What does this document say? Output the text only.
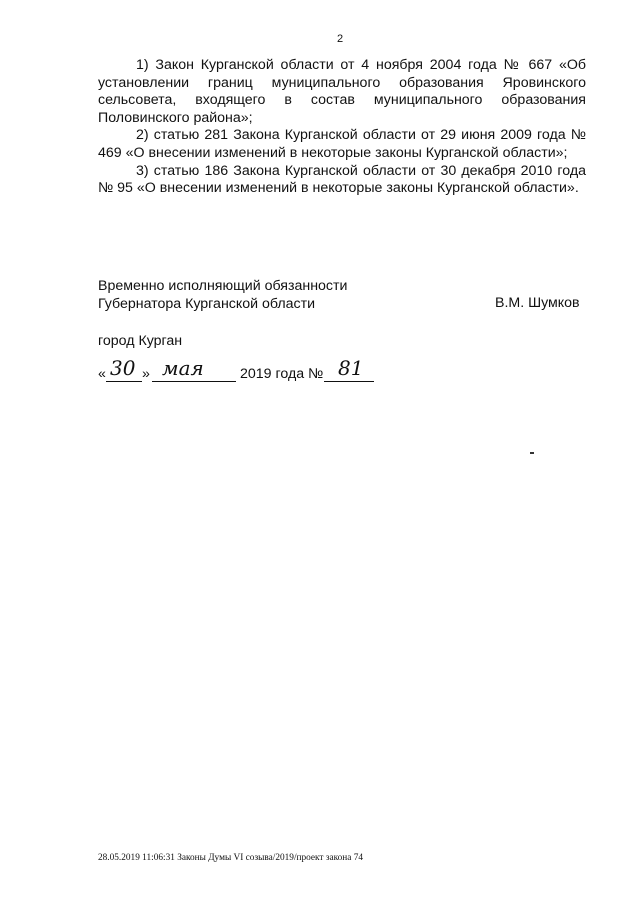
2

1) Закон Курганской области от 4 ноября 2004 года № 667 «Об установлении границ муниципального образования Яровинского сельсовета, входящего в состав муниципального образования Половинского района»;

2) статью 281 Закона Курганской области от 29 июня 2009 года № 469 «О внесении изменений в некоторые законы Курганской области»;

3) статью 186 Закона Курганской области от 30 декабря 2010 года № 95 «О внесении изменений в некоторые законы Курганской области».

Временно исполняющий обязанности
Губернатора Курганской области	В.М. Шумков
город Курган
« 30 » мая	2019 года № 81
28.05.2019 11:06:31 Законы Думы VI созыва/2019/проект закона 74
